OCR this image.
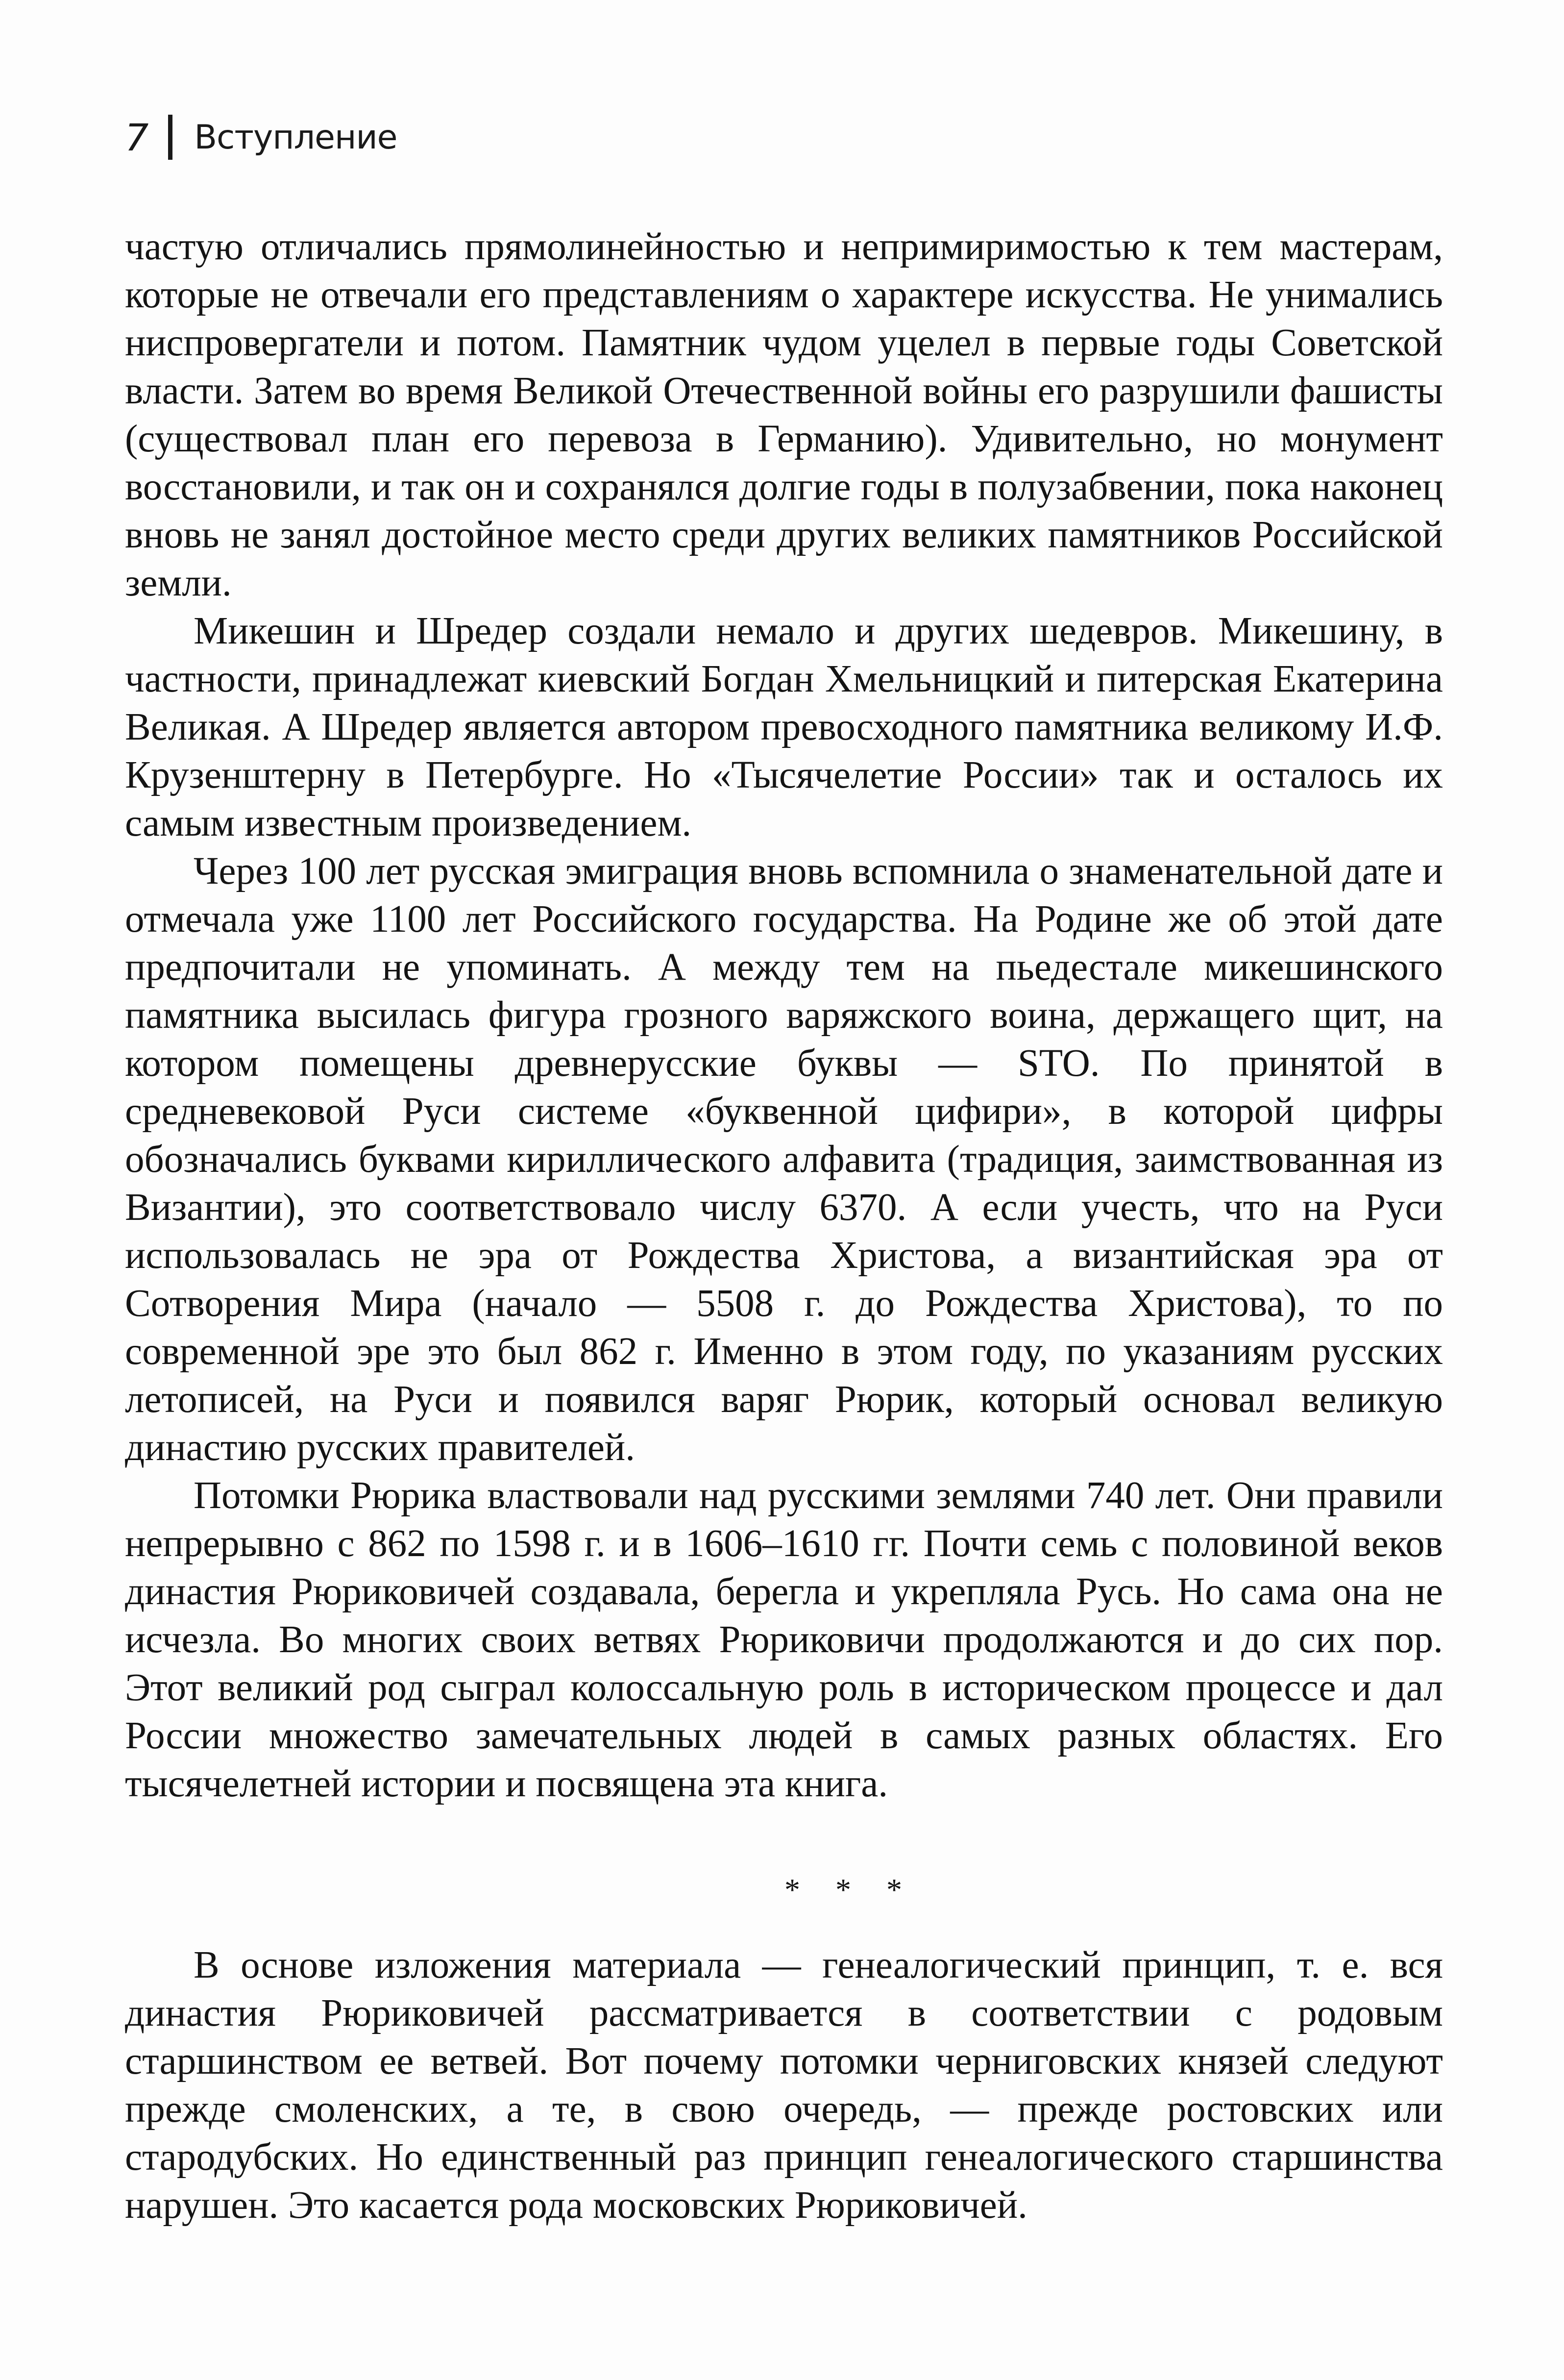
7 Вступление

частую отличались прямолинейностью и непримиримостью к тем мастерам, которые не отвечали его представлениям о характере искусства. Не унимались ниспровергатели и потом. Памятник чудом уцелел в первые годы Советской власти. Затем во время Великой Отечественной войны его разрушили фашисты (существовал план его перевоза в Германию). Удивительно, но монумент восстановили, и так он и сохранялся долгие годы в полузабвении, пока наконец вновь не занял достойное место среди других великих памятников Российской земли.

Микешин и Шредер создали немало и других шедевров. Микешину, в частности, принадлежат киевский Богдан Хмельницкий и питерская Екатерина Великая. А Шредер является автором превосходного памятника великому И.Ф. Крузенштерну в Петербурге. Но «Тысячелетие России» так и осталось их самым известным произведением.

Через 100 лет русская эмиграция вновь вспомнила о знаменательной дате и отмечала уже 1100 лет Российского государства. На Родине же об этой дате предпочитали не упоминать. А между тем на пьедестале микешинского памятника высилась фигура грозного варяжского воина, держащего щит, на котором помещены древнерусские буквы — STO. По принятой в средневековой Руси системе «буквенной цифири», в которой цифры обозначались буквами кириллического алфавита (традиция, заимствованная из Византии), это соответствовало числу 6370. А если учесть, что на Руси использовалась не эра от Рождества Христова, а византийская эра от Сотворения Мира (начало — 5508 г. до Рождества Христова), то по современной эре это был 862 г. Именно в этом году, по указаниям русских летописей, на Руси и появился варяг Рюрик, который основал великую династию русских правителей.

Потомки Рюрика властвовали над русскими землями 740 лет. Они правили непрерывно с 862 по 1598 г. и в 1606–1610 гг. Почти семь с половиной веков династия Рюриковичей создавала, берегла и укрепляла Русь. Но сама она не исчезла. Во многих своих ветвях Рюриковичи продолжаются и до сих пор. Этот великий род сыграл колоссальную роль в историческом процессе и дал России множество замечательных людей в самых разных областях. Его тысячелетней истории и посвящена эта книга.

* * *

В основе изложения материала — генеалогический принцип, т. е. вся династия Рюриковичей рассматривается в соответствии с родовым старшинством ее ветвей. Вот почему потомки черниговских князей следуют прежде смоленских, а те, в свою очередь, — прежде ростовских или стародубских. Но единственный раз принцип генеалогического старшинства нарушен. Это касается рода московских Рюриковичей.
